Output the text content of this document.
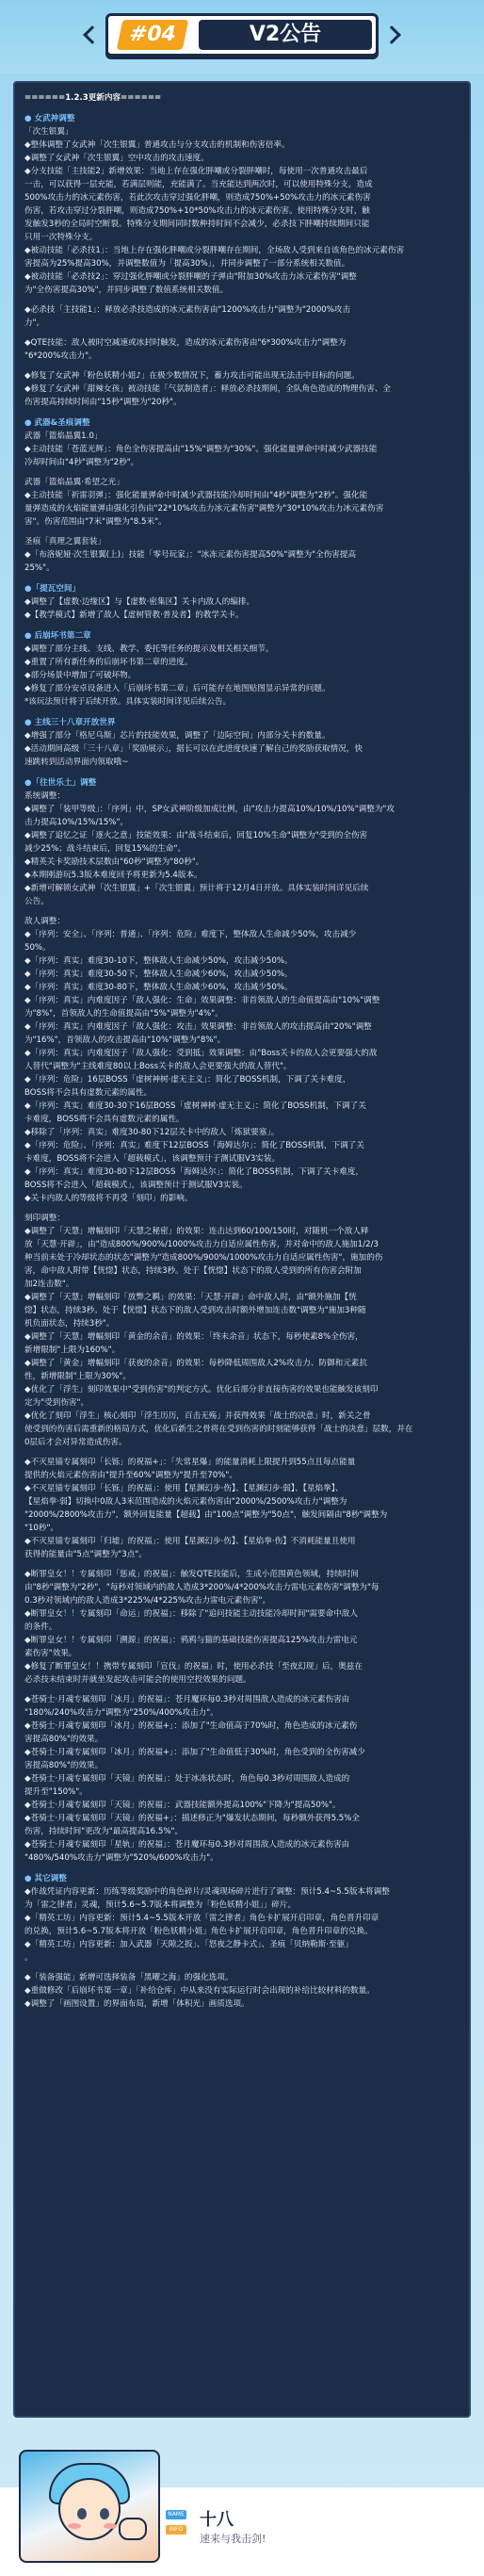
#04	V2公告
======1.2.3更新内容======
● 女武神调整
「次生银翼」
◆整体调整了女武神「次生银翼」普通攻击与分支攻击的机制和伤害倍率。
◆调整了女武神「次生银翼」空中攻击的攻击速度。
◆分支技能「主技能2」新增效果：当地上存在强化胖嘲或分裂胖嘲时，每使用一次普通攻击最后
一击，可以获得一层充能，若满层则能，充能满了。当充能达到两次时，可以使用特殊分支，造成
500%攻击力的冰元素伤害，若此次攻击穿过强化胖嘲，则造成750%+50%攻击力的冰元素伤害
伤害，若攻击穿过分裂胖嘲，则造成750%+10*50%攻击力的冰元素伤害。使用特殊分支时，触
发触发3秒的全局时空断裂。特殊分支期间同时数种持时间不会减少，必杀技下胖嘲持续期间只能
只用一次特殊分支。
◆被动技能「必杀技1」：当地上存在强化胖嘲或分裂胖嘲存在期间，全场敌人受到来自该角色的冰元素伤害
害提高为25%提高30%，并调整数值为「提高30%」，并同步调整了一部分系统相关数值。
◆被动技能「必杀技2」：穿过强化胖嘲或分裂胖嘲的子弹由"附加30%攻击力冰元素伤害"调整
为"全伤害提高30%"，并同步调整了数值系统相关数值。
◆必杀技「主技能1」：释放必杀技造成的冰元素伤害由"1200%攻击力"调整为"2000%攻击
力"。
◆QTE技能：敌人被时空减速或冰封时触发，造成的冰元素伤害由"6*300%攻击力"调整为
"6*200%攻击力"。
◆修复了女武神「粉色妖精小姐♪」在极少数情况下，蓄力攻击可能出现无法击中目标的问题。
◆修复了女武神「甜辣女孩」被动技能「气氛制造者」：释放必杀技期间，全队角色造成的物理伤害、全
伤害提高持续时间由"15秒"调整为"20秒"。
● 武器&圣痕调整
武器「篮焰晶翼1.0」
◆主动技能「苍蓝光辉」：角色全伤害提高由"15%"调整为"30%"。强化能量弹命中时减少武器技能
冷却时间由"4秒"调整为"2秒"。
武器「篮焰晶翼·希望之光」
◆主动技能「祈雷羽弹」：强化能量弹命中时减少武器技能冷却时间由"4秒"调整为"2秒"。强化能
量弹造成的火焰能量弹由强化引伤由"22*10%攻击力冰元素伤害"调整为"30*10%攻击力冰元素伤害
害"。伤害范围由"7米"调整为"8.5米"。
圣痕「真理之翼套装」
◆「布洛妮娅·次生银翼(上)」技能「零号玩家」："冰冻元素伤害提高50%"调整为"全伤害提高
25%"。
●「提瓦空间」
◆调整了【虚数·边缘区】与【虚数·密集区】关卡内敌人的编排。
◆【教学模式】新增了敌人【虚树管教·普及者】的教学关卡。
● 后崩坏书第二章
◆调整了部分主线、支线、教学、委托等任务的提示及相关相关细节。
◆重置了所有新任务的后崩坏书第二章的进度。
◆部分场景中增加了可破坏物。
◆修复了部分安卓设备进入「后崩坏书第二章」后可能存在地图贴图显示异常的问题。
*该玩法预计将于后续开放。具体实装时间详见后续公告。
● 主线三十八章开放世界
◆增强了部分「格尼乌斯」芯片的技能效果，调整了「边际空间」内部分关卡的数量。
◆活动期间高级「三十八章」「奖励展示」，据长可以在此进度快速了解自己的奖励获取情况，快
速跳转到活动界面内领取哦~
●「往世乐土」调整
系统调整：
◆调整了「装甲等级」：「序列」中，SP女武神阶级加成比例，由"攻击力提高10%/10%/10%"调整为"攻
击力提高10%/15%/15%"。
◆调整了追忆之证「逐火之意」技能效果：由"战斗结束后，回复10%生命"调整为"受到的全伤害
减少25%；战斗结束后，回复15%的生命"。
◆精英关卡奖励技术层数由"60秒"调整为"80秒"。
◆本期刚游玩5.3版本难度回予将更新为5.4版本。
◆新增可解锁女武神「次生银翼」+「次生银翼」预计将于12月4日开放。具体实装时间详见后续
公告。
敌人调整：
◆「序列：安全」、「序列：普通」、「序列：危险」难度下，整体敌人生命减少50%，攻击减少
50%。
◆「序列：真实」难度30-10下，整体敌人生命减少50%，攻击减少50%。
◆「序列：真实」难度30-50下，整体敌人生命减少60%，攻击减少50%。
◆「序列：真实」难度30-80下，整体敌人生命减少60%，攻击减少50%。
◆「序列：真实」内难度因子「敌人强化：生命」效果调整：非首领敌人的生命值提高由"10%"调整
为"8%"，首领敌人的生命值提高由"5%"调整为"4%"。
◆「序列：真实」内难度因子「敌人强化：攻击」效果调整：非首领敌人的攻击提高由"20%"调整
为"16%"，首领敌人的攻击提高由"10%"调整为"8%"。
◆「序列：真实」内难度因子「敌人强化：受到抵」效果调整：由"Boss关卡的敌人会更要强大的敌
人替代"调整为"主线难度80以上Boss关卡的敌人会更要强大的敌人替代"。
◆「序列：危险」16层BOSS「虚树神树·虚无主义」：简化了BOSS机制，下调了关卡难度，
BOSS将不会具有虚数元素的属性。
◆「序列：真实」难度30-30下16层BOSS「虚树神树·虚无主义」：简化了BOSS机制，下调了关
卡难度，BOSS将不会具有虚数元素的属性。
◆移除了「序列：真实」难度30-80下12层关卡中的敌人「炼狱要塞」。
◆「序列：危险」、「序列：真实」难度下12层BOSS「海姆达尔」：简化了BOSS机制，下调了关
卡难度，BOSS将不会进入「超载模式」，该调整预计于测试服V3实装。
◆「序列：真实」难度30-80下12层BOSS「海姆达尔」：简化了BOSS机制，下调了关卡难度，
BOSS将不会进入「超载模式」，该调整预计于测试服V3实装。
◆关卡内敌人的等级将不再受「刻印」的影响。
刻印调整：
◆调整了「天慧」增幅刻印「天慧之秘密」的效果：连击达到60/100/150时，对随机一个敌人释
放「天慧·开辟」，由"造成800%/900%/1000%攻击力自适应属性伤害，并对命中的敌人施加1/2/3
种当前未处于冷却状态的状态"调整为"造成800%/900%/1000%攻击力自适应属性伤害"，施加的伤
害，命中敌人附带【恍惚】状态，持续3秒。处于【恍惚】状态下的敌人受到的所有伤害会附加
加2连击数"。
◆调整了「天慧」增幅刻印「放弊之羁」的效果：「天慧·开辟」命中敌人时，由"额外施加【恍
惚】状态，持续3秒。处于【恍惚】状态下的敌人受到攻击时额外增加连击数"调整为"施加3种随
机负面状态，持续3秒"。
◆调整了「天慧」增幅刻印「黄金的余音」的效果：「终末余音」状态下，每秒使素8%全伤害，
新增限制"上限为160%"。
◆调整了「黄金」增幅刻印「获夜的余音」的效果：每秒降低周围敌人2%攻击力、防御和元素抗
性，新增限制"上限为30%"。
◆优化了「浮生」刻印效果中"受到伤害"的判定方式。优化后部分非直接伤害的效果也能触发该刻印
定为"受到伤害"。
◆优化了刻印「浮生」核心刻印「浮生历历，百击无殇」并获得效果「战士的决意」时，新关之骨
使受到的伤害后需重新的格局方式，优化后新生之骨将在受到伤害的时刻能够获得「战士的决意」层数，并在
0层后才会对异常造成伤害。
◆不灭星锚专属刻印「长铄」的祝福+」：「失常星爆」的能量消耗上限提升到55点且每点能量
提供的火焰元素伤害由"提升至60%"调整为"提升至70%"。
◆不灭星锚专属刻印「长铄」的祝福」：使用【星渊幻步·伤】、【星渊幻步·弱】、【星焰拳】、
【星焰拳·弱】切换中0敌人3米范围造成的火焰元素伤害由"2000%/2500%攻击力"调整为
"2000%/2800%攻击力"，额外回复能量【超载】由"100点"调整为"50点"，触发间隔由"8秒"调整为
"10秒"。
◆不灭星锚专属刻印「归墟」的祝福」：使用【星渊幻步·伤】、【星焰拳·伤】不消耗能量且使用
获得的能量由"5点"调整为"3点"。
◆断罪皇女！！专属刻印「惩戒」的祝福」：触发QTE技能后，生成小范围黄色领域，持续时间
由"8秒"调整为"2秒"，"每秒对领域内的敌人造成3*200%/4*200%攻击力雷电元素伤害"调整为"每
0.3秒对领域内的敌人造成3*225%/4*225%攻击力雷电元素伤害"。
◆断罪皇女！！专属刻印「命运」的祝福」：移除了"追问技能主动技能冷却时间"需要命中敌人
的条件。
◆断罪皇女！！专属刻印「溯源」的祝福」：鸦鸦与猫的基础技能伤害提高125%攻击力雷电元
素伤害"效果。
◆修复了断罪皇女！！携带专属刻印「宣伐」的祝福」时，使用必杀技「至夜幻现」后，奥兹在
必杀技未结束时并就坐发起攻击可能会的使用空投效果的问题。
◆苍骑士·月魂专属刻印「冰月」的祝福」：苍月魔环每0.3秒对周围敌人造成的冰元素伤害由
"180%/240%攻击力"调整为"250%/400%攻击力"。
◆苍骑士·月魂专属刻印「冰月」的祝福+」：添加了"生命值高于70%时，角色造成的冰元素伤
害提高80%"的效果。
◆苍骑士·月魂专属刻印「冰月」的祝福+」：添加了"生命值低于30%时，角色受到的全伤害减少
害提高80%"的效果。
◆苍骑士·月魂专属刻印「天镜」的祝福」：处于冰冻状态时，角色每0.3秒对周围敌人造成的
提升至"150%"。
◆苍骑士·月魂专属刻印「天镜」的祝福」：武器技能额外提高100%"下降为"提高50%"。
◆苍骑士·月魂专属刻印「天镜」的祝福+」：描述修正为"爆发状态期间，每秒额外获得5.5%全
伤害，持续时间"更改为"最高提高16.5%"。
◆苍骑士·月魂专属刻印「星轨」的祝福」：苍月魔环每0.3秒对周围敌人造成的冰元素伤害由
"480%/540%攻击力"调整为"520%/600%攻击力"。
● 其它调整
◆作战凭证内容更新：历练等级奖励中的角色碎片/灵魂现场碎片进行了调整：预计5.4~5.5版本将调整
为「雷之律者」灵魂，预计5.6~5.7版本将调整为「粉色妖精小姐」」碎片。
◆「精英工坊」内容更新：预计5.4~5.5版本开放「雷之律者」角色卡扩展开启印章，角色晋升印章
的兑换，预计5.6~5.7版本将开放「粉色妖精小姐」角色卡扩展开启印章，角色晋升印章的兑换。
◆「精英工坊」内容更新：加入武器「天隙之扳」、「怒夜之静卡式」、圣痕「贝纳勒斯·至躯」
。
◆「装备强能」新增可选择装备「黑曜之海」的强化选项。
◆重做修改「后崩坏书第一章」「补给仓库」中从来没有实际运行时会出现的补给比较材料的数量。
◆调整了「画图设置」的界面布局，新增「体积光」画质选项。
NAME
INFO 十八
速来与我击剑!
